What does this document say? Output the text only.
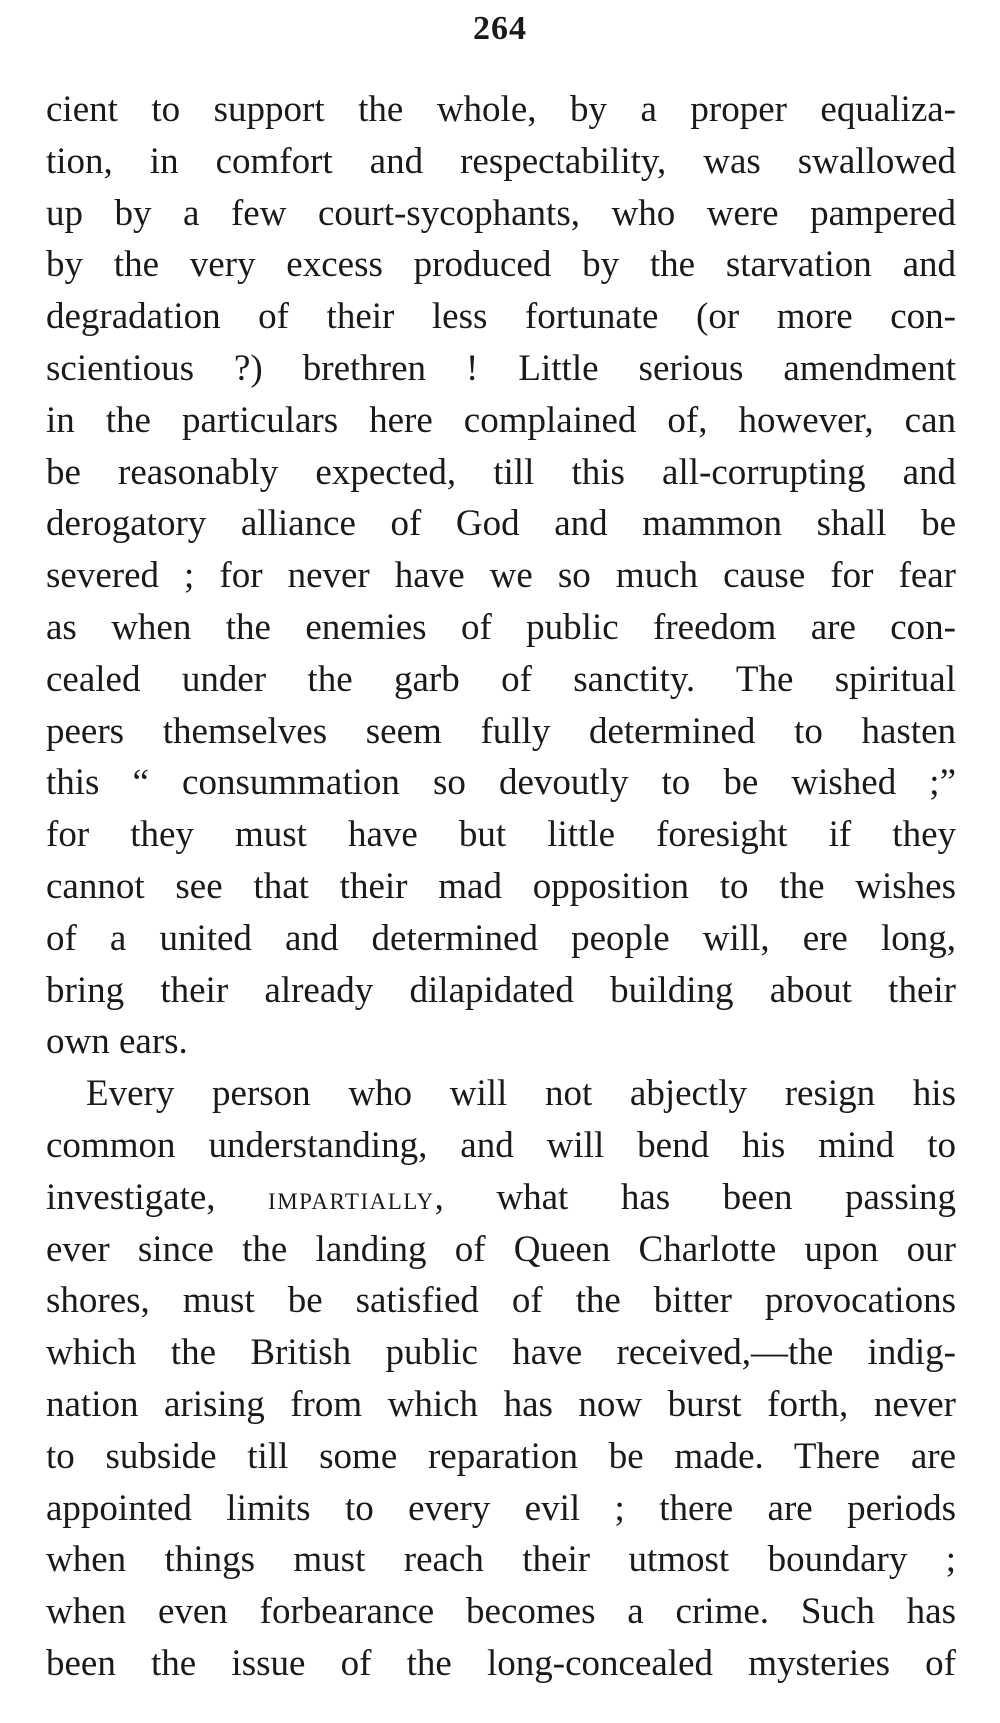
264
cient to support the whole, by a proper equaliza-
tion, in comfort and respectability, was swallowed
up by a few court-sycophants, who were pampered
by the very excess produced by the starvation and
degradation of their less fortunate (or more con-
scientious ?) brethren ! Little serious amendment
in the particulars here complained of, however, can
be reasonably expected, till this all-corrupting and
derogatory alliance of God and mammon shall be
severed ; for never have we so much cause for fear
as when the enemies of public freedom are con-
cealed under the garb of sanctity. The spiritual
peers themselves seem fully determined to hasten
this “ consummation so devoutly to be wished ;”
for they must have but little foresight if they
cannot see that their mad opposition to the wishes
of a united and determined people will, ere long,
bring their already dilapidated building about their
own ears.
Every person who will not abjectly resign his
common understanding, and will bend his mind to
investigate, impartially, what has been passing
ever since the landing of Queen Charlotte upon our
shores, must be satisfied of the bitter provocations
which the British public have received,—the indig-
nation arising from which has now burst forth, never
to subside till some reparation be made. There are
appointed limits to every evil ; there are periods
when things must reach their utmost boundary ;
when even forbearance becomes a crime. Such has
been the issue of the long-concealed mysteries of
